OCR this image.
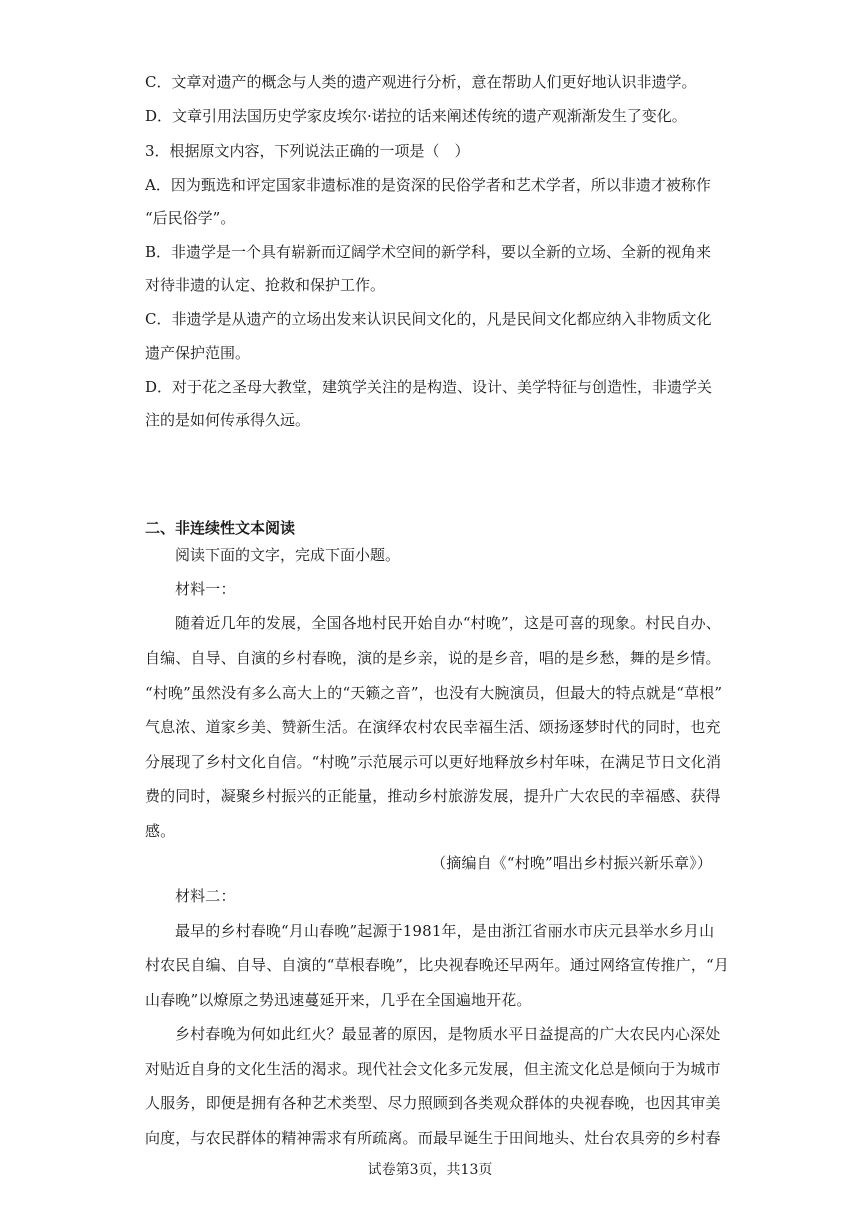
C．文章对遗产的概念与人类的遗产观进行分析，意在帮助人们更好地认识非遗学。
D．文章引用法国历史学家皮埃尔·诺拉的话来阐述传统的遗产观渐渐发生了变化。
3．根据原文内容，下列说法正确的一项是（　）
A．因为甄选和评定国家非遗标准的是资深的民俗学者和艺术学者，所以非遗才被称作
“后民俗学”。
B．非遗学是一个具有崭新而辽阔学术空间的新学科，要以全新的立场、全新的视角来
对待非遗的认定、抢救和保护工作。
C．非遗学是从遗产的立场出发来认识民间文化的，凡是民间文化都应纳入非物质文化
遗产保护范围。
D．对于花之圣母大教堂，建筑学关注的是构造、设计、美学特征与创造性，非遗学关
注的是如何传承得久远。
二、非连续性文本阅读
阅读下面的文字，完成下面小题。
材料一：
随着近几年的发展，全国各地村民开始自办“村晚”，这是可喜的现象。村民自办、
自编、自导、自演的乡村春晚，演的是乡亲，说的是乡音，唱的是乡愁，舞的是乡情。
“村晚”虽然没有多么高大上的“天籁之音”，也没有大腕演员，但最大的特点就是“草根”
气息浓、道家乡美、赞新生活。在演绎农村农民幸福生活、颂扬逐梦时代的同时，也充
分展现了乡村文化自信。“村晚”示范展示可以更好地释放乡村年味，在满足节日文化消
费的同时，凝聚乡村振兴的正能量，推动乡村旅游发展，提升广大农民的幸福感、获得
感。
（摘编自《“村晚”唱出乡村振兴新乐章》）
材料二：
最早的乡村春晚“月山春晚”起源于1981年，是由浙江省丽水市庆元县举水乡月山
村农民自编、自导、自演的“草根春晚”，比央视春晚还早两年。通过网络宣传推广，“月
山春晚”以燎原之势迅速蔓延开来，几乎在全国遍地开花。
乡村春晚为何如此红火？最显著的原因，是物质水平日益提高的广大农民内心深处
对贴近自身的文化生活的渴求。现代社会文化多元发展，但主流文化总是倾向于为城市
人服务，即便是拥有各种艺术类型、尽力照顾到各类观众群体的央视春晚，也因其审美
向度，与农民群体的精神需求有所疏离。而最早诞生于田间地头、灶台农具旁的乡村春
试卷第3页，共13页
